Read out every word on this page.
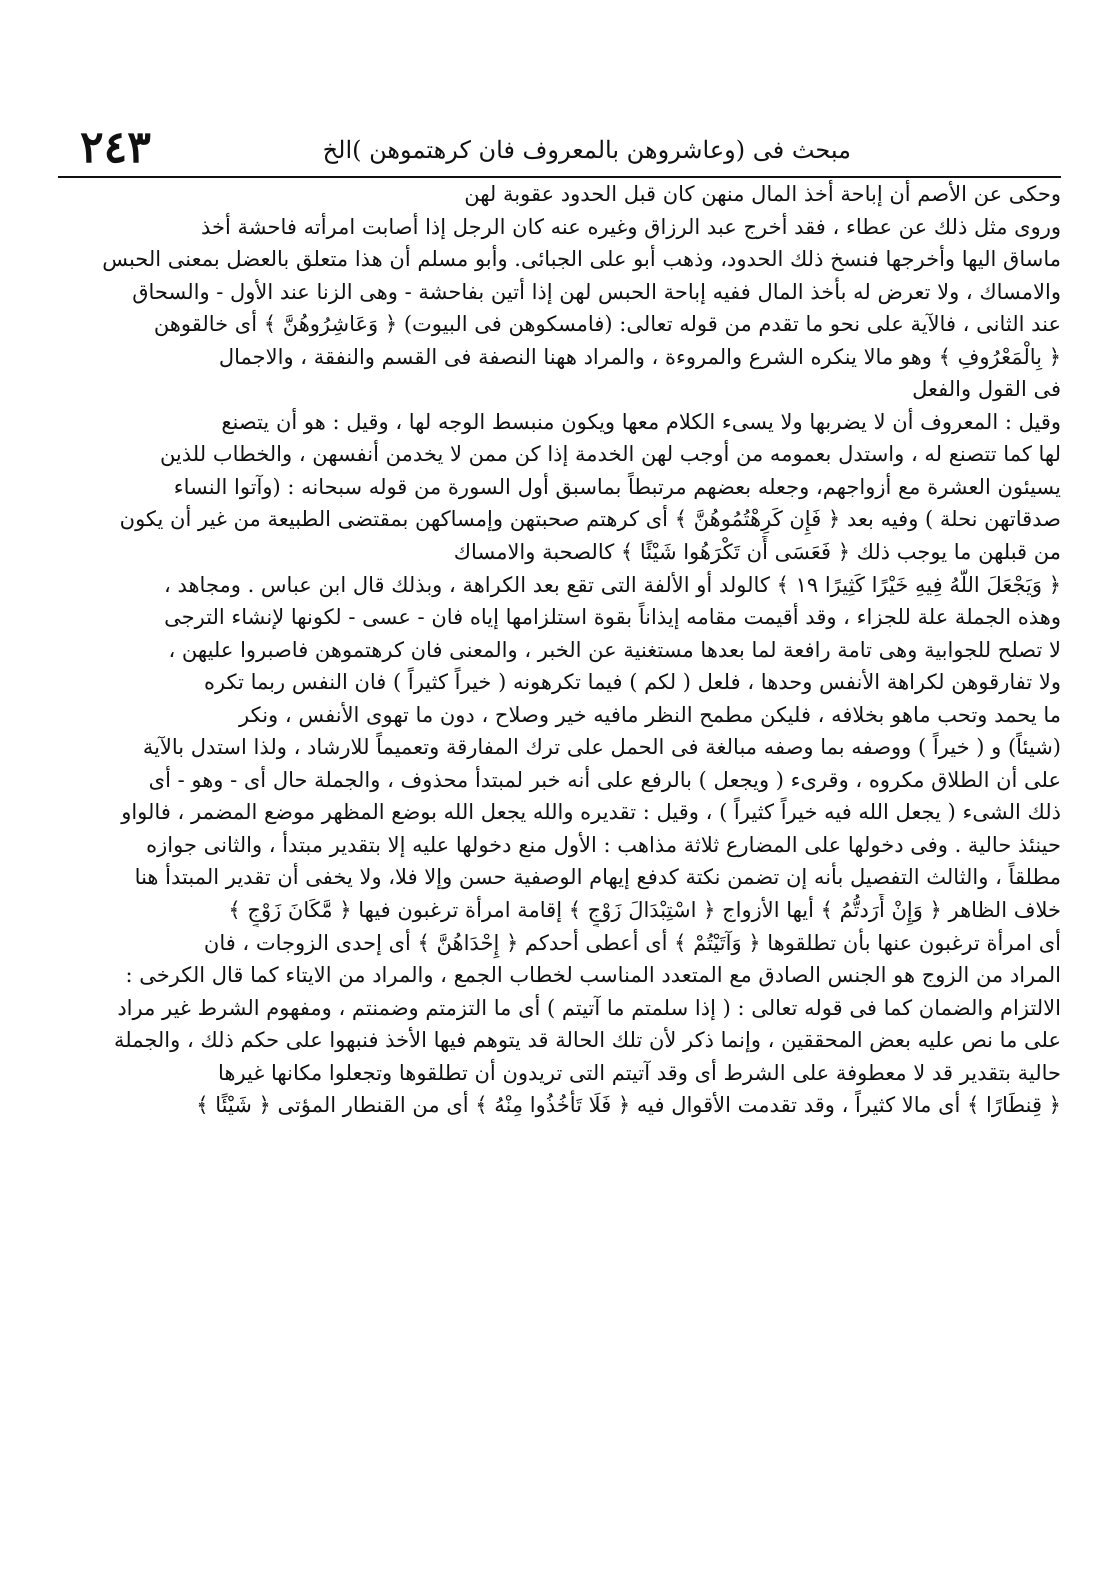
٢٤٣	مبحث فى (وعاشروهن بالمعروف فان كرهتموهن )الخ

وحكى عن الأصم أن إباحة أخذ المال منهن كان قبل الحدود عقوبة لهن

وروى مثل ذلك عن عطاء ، فقد أخرج عبد الرزاق وغيره عنه كان الرجل إذا أصابت امرأته فاحشة أخذ

ماساق اليها وأخرجها فنسخ ذلك الحدود، وذهب أبو على الجبائى. وأبو مسلم أن هذا متعلق بالعضل بمعنى الحبس

والامساك ، ولا تعرض له بأخذ المال ففيه إباحة الحبس لهن إذا أتين بفاحشة - وهى الزنا عند الأول - والسحاق

عند الثانى ، فالآية على نحو ما تقدم من قوله تعالى: (فامسكوهن فى البيوت) ﴿ وَعَاشِرُوهُنَّ ﴾ أى خالقوهن

﴿ بِالْمَعْرُوفِ ﴾ وهو مالا ينكره الشرع والمروءة ، والمراد ههنا النصفة فى القسم والنفقة ، والاجمال

فى القول والفعل

وقيل : المعروف أن لا يضربها ولا يسىء الكلام معها ويكون منبسط الوجه لها ، وقيل : هو أن يتصنع

لها كما تتصنع له ، واستدل بعمومه من أوجب لهن الخدمة إذا كن ممن لا يخدمن أنفسهن ، والخطاب للذين

يسيئون العشرة مع أزواجهم، وجعله بعضهم مرتبطاً بماسبق أول السورة من قوله سبحانه : (وآتوا النساء

صدقاتهن نحلة ) وفيه بعد ﴿ فَإِن كَرِهْتُمُوهُنَّ ﴾ أى كرهتم صحبتهن وإمساكهن بمقتضى الطبيعة من غير أن يكون

من قبلهن ما يوجب ذلك ﴿ فَعَسَى أَن تَكْرَهُوا شَيْئًا ﴾ كالصحبة والامساك

﴿ وَيَجْعَلَ اللَّهُ فِيهِ خَيْرًا كَثِيرًا ١٩ ﴾ كالولد أو الألفة التى تقع بعد الكراهة ، وبذلك قال ابن عباس . ومجاهد ،

وهذه الجملة علة للجزاء ، وقد أقيمت مقامه إيذاناً بقوة استلزامها إياه فان - عسى - لكونها لإنشاء الترجى

لا تصلح للجوابية وهى تامة رافعة لما بعدها مستغنية عن الخبر ، والمعنى فان كرهتموهن فاصبروا عليهن ،

ولا تفارقوهن لكراهة الأنفس وحدها ، فلعل ( لكم ) فيما تكرهونه ( خيراً كثيراً ) فان النفس ربما تكره

ما يحمد وتحب ماهو بخلافه ، فليكن مطمح النظر مافيه خير وصلاح ، دون ما تهوى الأنفس ، ونكر

(شيئاً) و ( خيراً ) ووصفه بما وصفه مبالغة فى الحمل على ترك المفارقة وتعميماً للارشاد ، ولذا استدل بالآية

على أن الطلاق مكروه ، وقرىء ( ويجعل ) بالرفع على أنه خبر لمبتدأ محذوف ، والجملة حال أى - وهو - أى

ذلك الشىء ( يجعل الله فيه خيراً كثيراً ) ، وقيل : تقديره والله يجعل الله بوضع المظهر موضع المضمر ، فالواو

حينئذ حالية . وفى دخولها على المضارع ثلاثة مذاهب : الأول منع دخولها عليه إلا بتقدير مبتدأ ، والثانى جوازه

مطلقاً ، والثالث التفصيل بأنه إن تضمن نكتة كدفع إيهام الوصفية حسن وإلا فلا، ولا يخفى أن تقدير المبتدأ هنا

خلاف الظاهر ﴿ وَإِنْ أَرَدتُّمُ ﴾ أيها الأزواج ﴿ اسْتِبْدَالَ زَوْجٍ ﴾ إقامة امرأة ترغبون فيها ﴿ مَّكَانَ زَوْجٍ ﴾

أى امرأة ترغبون عنها بأن تطلقوها ﴿ وَآتَيْتُمْ ﴾ أى أعطى أحدكم ﴿ إِحْدَاهُنَّ ﴾ أى إحدى الزوجات ، فان

المراد من الزوج هو الجنس الصادق مع المتعدد المناسب لخطاب الجمع ، والمراد من الايتاء كما قال الكرخى :

الالتزام والضمان كما فى قوله تعالى : ( إذا سلمتم ما آتيتم ) أى ما التزمتم وضمنتم ، ومفهوم الشرط غير مراد

على ما نص عليه بعض المحققين ، وإنما ذكر لأن تلك الحالة قد يتوهم فيها الأخذ فنبهوا على حكم ذلك ، والجملة

حالية بتقدير قد لا معطوفة على الشرط أى وقد آتيتم التى تريدون أن تطلقوها وتجعلوا مكانها غيرها

﴿ قِنطَارًا ﴾ أى مالا كثيراً ، وقد تقدمت الأقوال فيه ﴿ فَلَا تَأْخُذُوا مِنْهُ ﴾ أى من القنطار المؤتى ﴿ شَيْئًا ﴾
